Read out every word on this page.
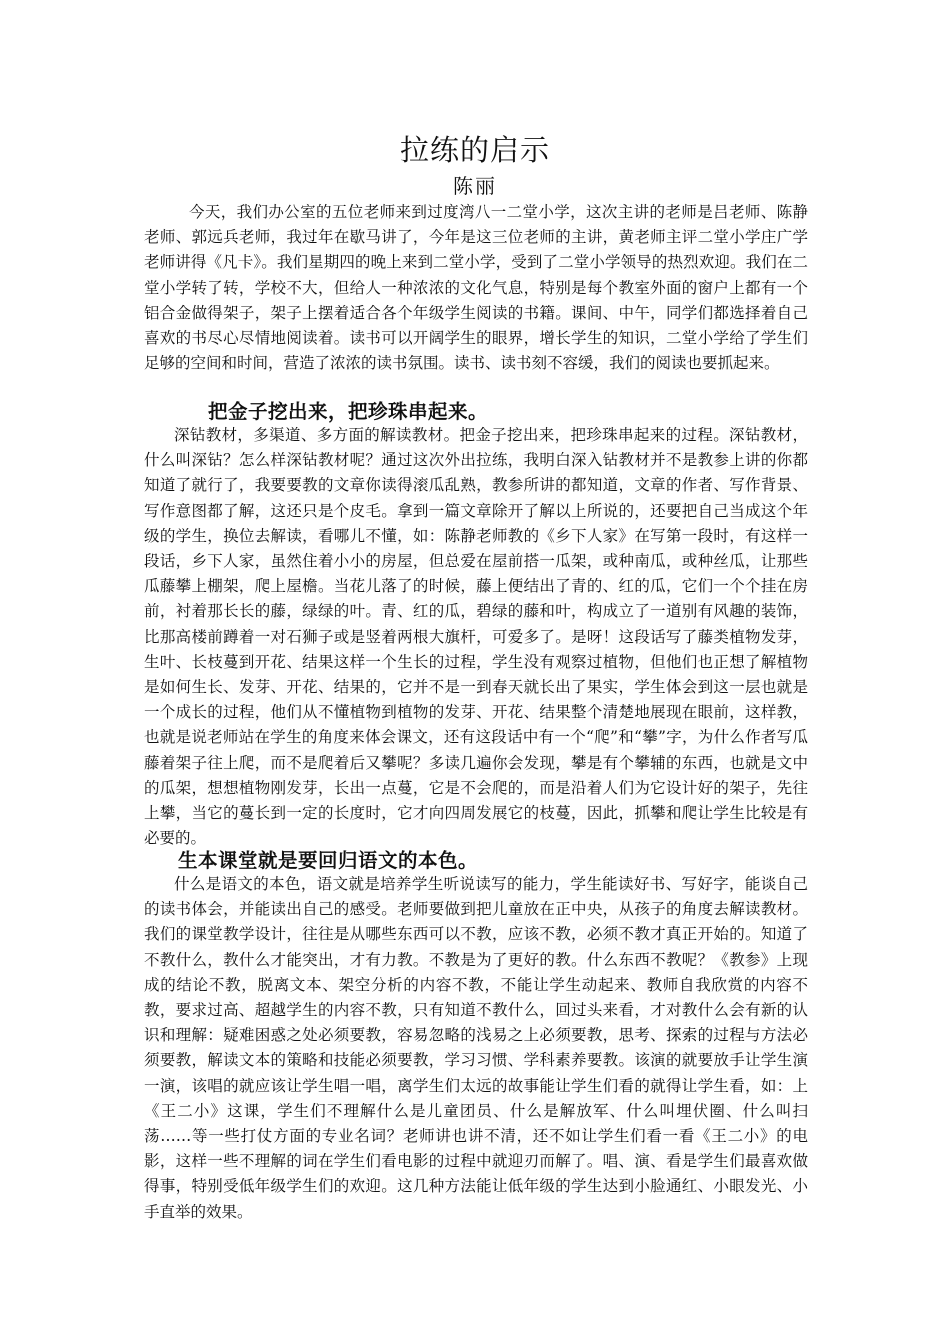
拉练的启示

陈丽

今天，我们办公室的五位老师来到过度湾八一二堂小学，这次主讲的老师是吕老师、陈静老师、郭远兵老师，我过年在歇马讲了，今年是这三位老师的主讲，黄老师主评二堂小学庄广学老师讲得《凡卡》。我们星期四的晚上来到二堂小学，受到了二堂小学领导的热烈欢迎。我们在二堂小学转了转，学校不大，但给人一种浓浓的文化气息，特别是每个教室外面的窗户上都有一个铝合金做得架子，架子上摆着适合各个年级学生阅读的书籍。课间、中午，同学们都选择着自己喜欢的书尽心尽情地阅读着。读书可以开阔学生的眼界，增长学生的知识，二堂小学给了学生们足够的空间和时间，营造了浓浓的读书氛围。读书、读书刻不容缓，我们的阅读也要抓起来。

把金子挖出来，把珍珠串起来。

深钻教材，多渠道、多方面的解读教材。把金子挖出来，把珍珠串起来的过程。深钻教材，什么叫深钻？怎么样深钻教材呢？通过这次外出拉练，我明白深入钻教材并不是教参上讲的你都知道了就行了，我要要教的文章你读得滚瓜乱熟，教参所讲的都知道，文章的作者、写作背景、写作意图都了解，这还只是个皮毛。拿到一篇文章除开了解以上所说的，还要把自己当成这个年级的学生，换位去解读，看哪儿不懂，如：陈静老师教的《乡下人家》在写第一段时，有这样一段话，乡下人家，虽然住着小小的房屋，但总爱在屋前搭一瓜架，或种南瓜，或种丝瓜，让那些瓜藤攀上棚架，爬上屋檐。当花儿落了的时候，藤上便结出了青的、红的瓜，它们一个个挂在房前，衬着那长长的藤，绿绿的叶。青、红的瓜，碧绿的藤和叶，构成立了一道别有风趣的装饰，比那高楼前蹲着一对石狮子或是竖着两根大旗杆，可爱多了。是呀！这段话写了藤类植物发芽，生叶、长枝蔓到开花、结果这样一个生长的过程，学生没有观察过植物，但他们也正想了解植物是如何生长、发芽、开花、结果的，它并不是一到春天就长出了果实，学生体会到这一层也就是一个成长的过程，他们从不懂植物到植物的发芽、开花、结果整个清楚地展现在眼前，这样教，也就是说老师站在学生的角度来体会课文，还有这段话中有一个“爬”和“攀”字，为什么作者写瓜藤着架子往上爬，而不是爬着后又攀呢？多读几遍你会发现，攀是有个攀辅的东西，也就是文中的瓜架，想想植物刚发芽，长出一点蔓，它是不会爬的，而是沿着人们为它设计好的架子，先往上攀，当它的蔓长到一定的长度时，它才向四周发展它的枝蔓，因此，抓攀和爬让学生比较是有必要的。

生本课堂就是要回归语文的本色。

什么是语文的本色，语文就是培养学生听说读写的能力，学生能读好书、写好字，能谈自己的读书体会，并能读出自己的感受。老师要做到把儿童放在正中央，从孩子的角度去解读教材。我们的课堂教学设计，往往是从哪些东西可以不教，应该不教，必须不教才真正开始的。知道了不教什么，教什么才能突出，才有力教。不教是为了更好的教。什么东西不教呢？《教参》上现成的结论不教，脱离文本、架空分析的内容不教，不能让学生动起来、教师自我欣赏的内容不教，要求过高、超越学生的内容不教，只有知道不教什么，回过头来看，才对教什么会有新的认识和理解：疑难困惑之处必须要教，容易忽略的浅易之上必须要教，思考、探索的过程与方法必须要教，解读文本的策略和技能必须要教，学习习惯、学科素养要教。该演的就要放手让学生演一演，该唱的就应该让学生唱一唱，离学生们太远的故事能让学生们看的就得让学生看，如：上《王二小》这课，学生们不理解什么是儿童团员、什么是解放军、什么叫埋伏圈、什么叫扫荡……等一些打仗方面的专业名词？老师讲也讲不清，还不如让学生们看一看《王二小》的电影，这样一些不理解的词在学生们看电影的过程中就迎刃而解了。唱、演、看是学生们最喜欢做得事，特别受低年级学生们的欢迎。这几种方法能让低年级的学生达到小脸通红、小眼发光、小手直举的效果。
